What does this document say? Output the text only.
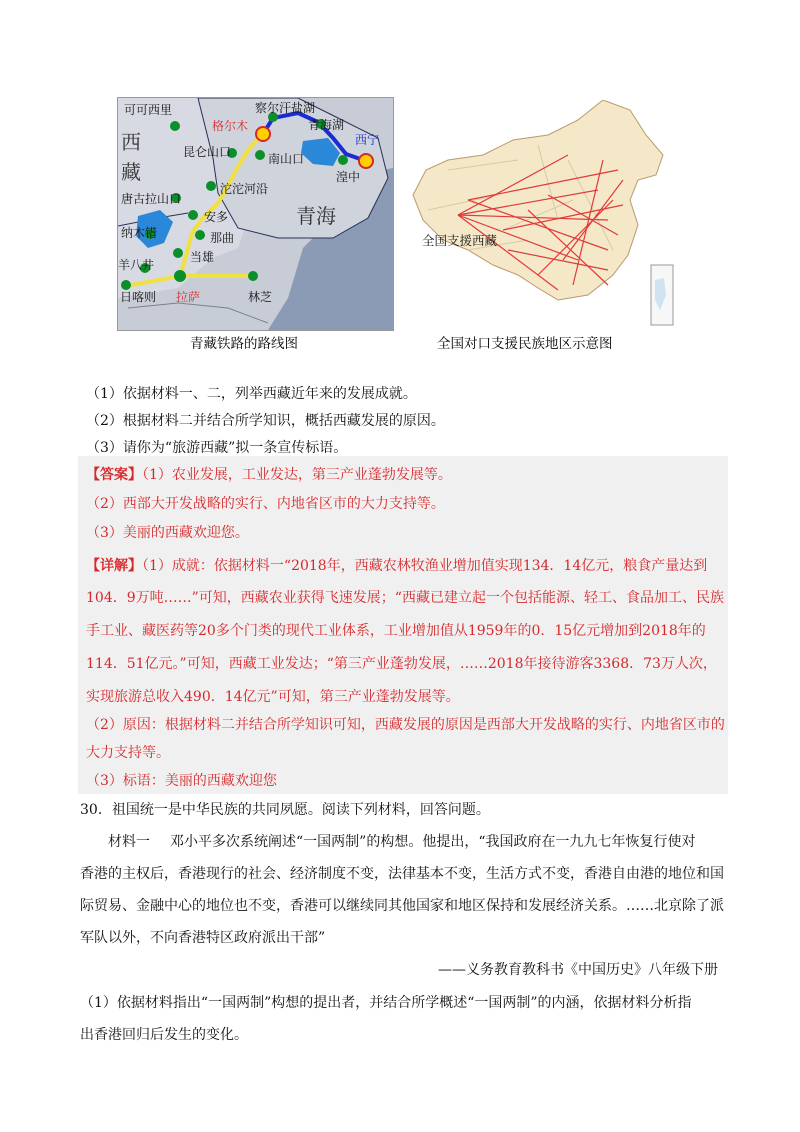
西
藏
青海
可可西里	察尔汗盐湖
格尔木	青海湖
西宁
昆仑山口	南山口
湟中
沱沱河沿
唐古拉山口
安多
纳木错	那曲
当雄
羊八井
日喀则 拉萨	林芝
青藏铁路的路线图
全国支援西藏
全国对口支援民族地区示意图
（1）依据材料一、二，列举西藏近年来的发展成就。
（2）根据材料二并结合所学知识，概括西藏发展的原因。
（3）请你为“旅游西藏”拟一条宣传标语。
【答案】（1）农业发展，工业发达，第三产业蓬勃发展等。
（2）西部大开发战略的实行、内地省区市的大力支持等。
（3）美丽的西藏欢迎您。
【详解】（1）成就：依据材料一“2018年，西藏农林牧渔业增加值实现134．14亿元，粮食产量达到
104．9万吨……”可知，西藏农业获得飞速发展；“西藏已建立起一个包括能源、轻工、食品加工、民族
手工业、藏医药等20多个门类的现代工业体系，工业增加值从1959年的0．15亿元增加到2018年的
114．51亿元。”可知，西藏工业发达；“第三产业蓬勃发展，……2018年接待游客3368．73万人次，
实现旅游总收入490．14亿元”可知，第三产业蓬勃发展等。
（2）原因：根据材料二并结合所学知识可知，西藏发展的原因是西部大开发战略的实行、内地省区市的
大力支持等。
（3）标语：美丽的西藏欢迎您
30．祖国统一是中华民族的共同夙愿。阅读下列材料，回答问题。
材料一 邓小平多次系统阐述“一国两制”的构想。他提出，“我国政府在一九九七年恢复行使对
香港的主权后，香港现行的社会、经济制度不变，法律基本不变，生活方式不变，香港自由港的地位和国
际贸易、金融中心的地位也不变，香港可以继续同其他国家和地区保持和发展经济关系。……北京除了派
军队以外，不向香港特区政府派出干部”
——义务教育教科书《中国历史》八年级下册
（1）依据材料指出“一国两制”构想的提出者，并结合所学概述“一国两制”的内涵，依据材料分析指
出香港回归后发生的变化。
